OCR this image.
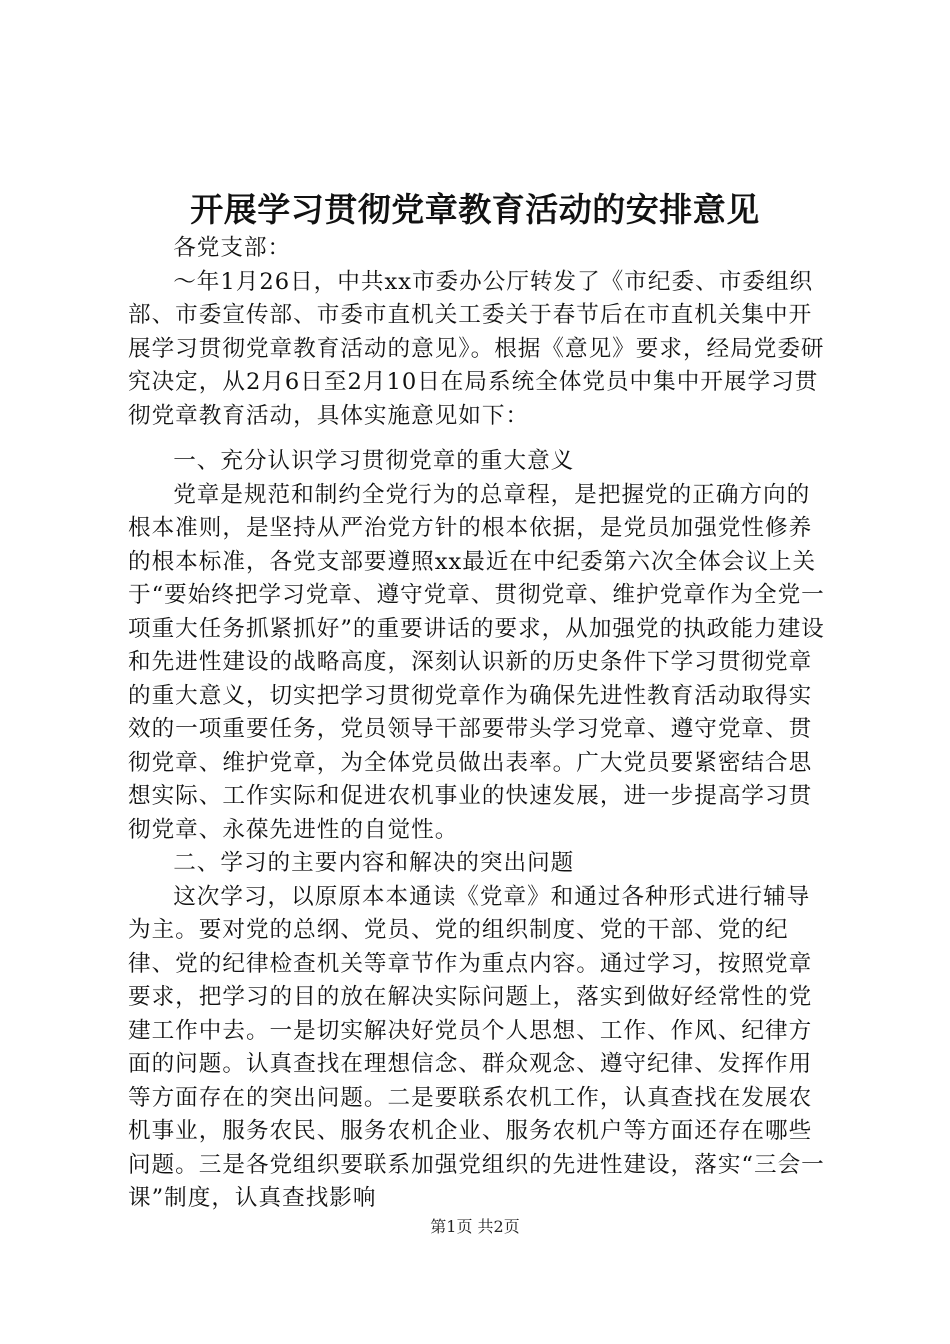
开展学习贯彻党章教育活动的安排意见

各党支部：

～年1月26日，中共xx市委办公厅转发了《市纪委、市委组织部、市委宣传部、市委市直机关工委关于春节后在市直机关集中开展学习贯彻党章教育活动的意见》。根据《意见》要求，经局党委研究决定，从2月6日至2月10日在局系统全体党员中集中开展学习贯彻党章教育活动，具体实施意见如下：

一、充分认识学习贯彻党章的重大意义

党章是规范和制约全党行为的总章程，是把握党的正确方向的根本准则，是坚持从严治党方针的根本依据，是党员加强党性修养的根本标准，各党支部要遵照xx最近在中纪委第六次全体会议上关于“要始终把学习党章、遵守党章、贯彻党章、维护党章作为全党一项重大任务抓紧抓好”的重要讲话的要求，从加强党的执政能力建设和先进性建设的战略高度，深刻认识新的历史条件下学习贯彻党章的重大意义，切实把学习贯彻党章作为确保先进性教育活动取得实效的一项重要任务，党员领导干部要带头学习党章、遵守党章、贯彻党章、维护党章，为全体党员做出表率。广大党员要紧密结合思想实际、工作实际和促进农机事业的快速发展，进一步提高学习贯彻党章、永葆先进性的自觉性。

二、学习的主要内容和解决的突出问题

这次学习，以原原本本通读《党章》和通过各种形式进行辅导为主。要对党的总纲、党员、党的组织制度、党的干部、党的纪律、党的纪律检查机关等章节作为重点内容。通过学习，按照党章要求，把学习的目的放在解决实际问题上，落实到做好经常性的党建工作中去。一是切实解决好党员个人思想、工作、作风、纪律方面的问题。认真查找在理想信念、群众观念、遵守纪律、发挥作用等方面存在的突出问题。二是要联系农机工作，认真查找在发展农机事业，服务农民、服务农机企业、服务农机户等方面还存在哪些问题。三是各党组织要联系加强党组织的先进性建设，落实“三会一课”制度，认真查找影响

第1页 共2页
